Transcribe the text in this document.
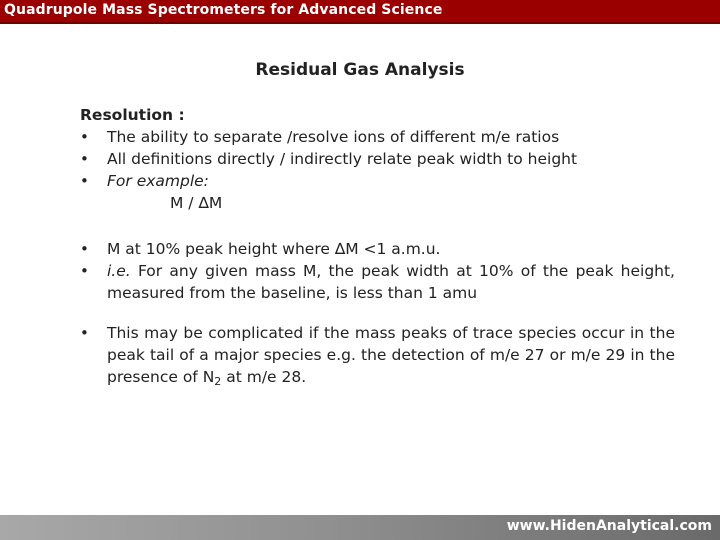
Quadrupole Mass Spectrometers for Advanced Science
Residual Gas Analysis
Resolution :
• The ability to separate /resolve ions of different m/e ratios
• All definitions directly / indirectly relate peak width to height
• For example:
M / ∆M
• M at 10% peak height where ∆M <1 a.m.u.
• i.e. For any given mass M, the peak width at 10% of the peak height, measured from the baseline, is less than 1 amu
• This may be complicated if the mass peaks of trace species occur in the peak tail of a major species e.g. the detection of m/e 27 or m/e 29 in the presence of $N_2$ at m/e 28.
www.HidenAnalytical.com
